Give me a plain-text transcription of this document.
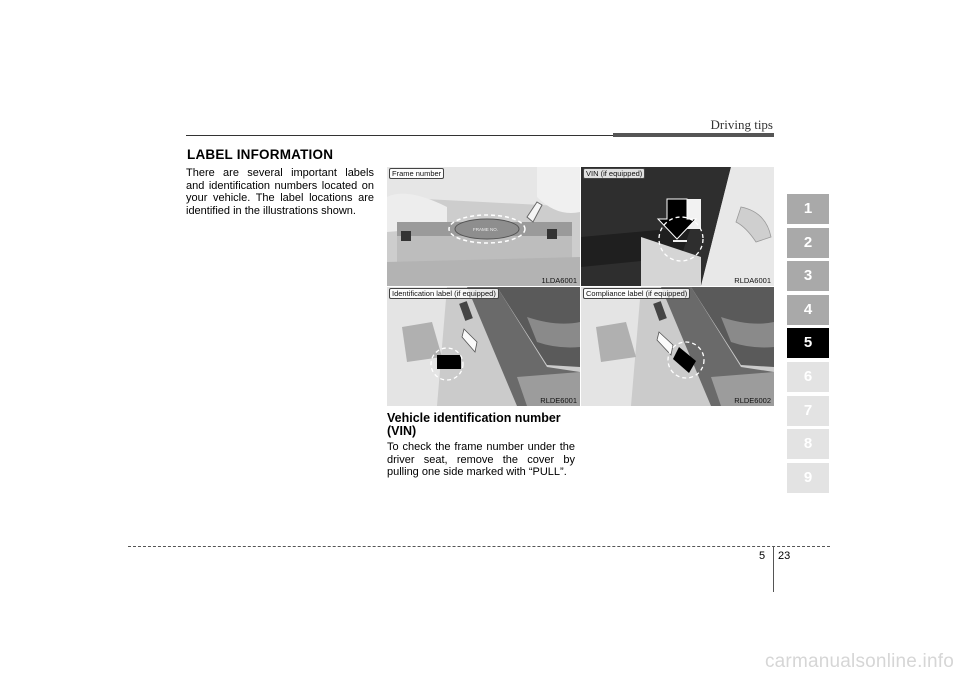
Driving tips
LABEL INFORMATION
There are several important labels and identification numbers located on your vehicle. The label locations are identified in the illustrations shown.
FRAME NO.
Frame number
1LDA6001
VIN (if equipped)
RLDA6001
Identification label (if equipped)
RLDE6001
Compliance label (if equipped)
RLDE6002
Vehicle identification number (VIN)
To check the frame number under the driver seat, remove the cover by pulling one side marked with “PULL”.
1
2
3
4
5
6
7
8
9
5 23
carmanualsonline.info
